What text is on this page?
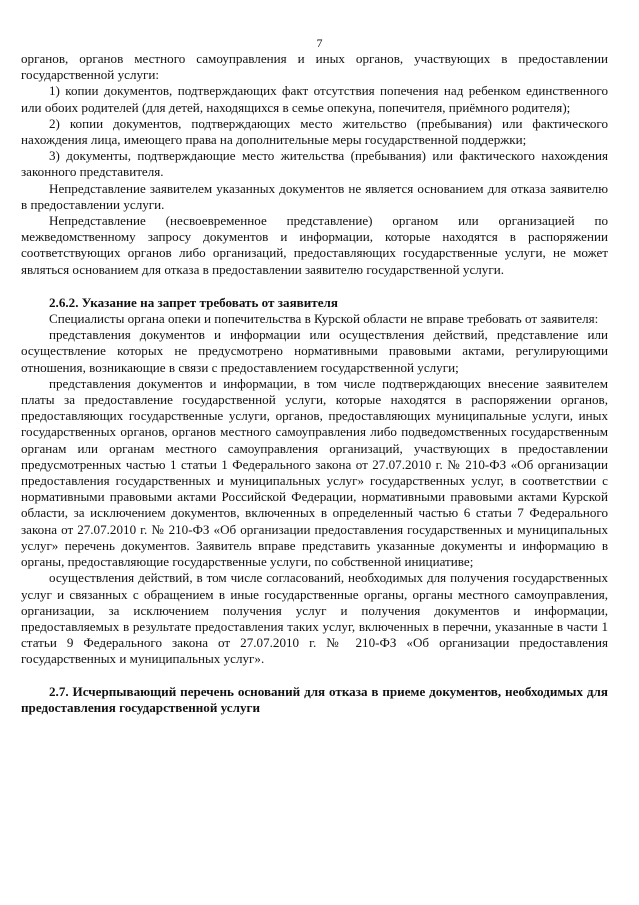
7

органов, органов местного самоуправления и иных органов, участвующих в предоставлении государственной услуги:

1) копии документов, подтверждающих факт отсутствия попечения над ребенком единственного или обоих родителей (для детей, находящихся в семье опекуна, попечителя, приёмного родителя);

2) копии документов, подтверждающих место жительство (пребывания) или фактического нахождения лица, имеющего права на дополнительные меры государственной поддержки;

3) документы, подтверждающие место жительства (пребывания) или фактического нахождения законного представителя.

Непредставление заявителем указанных документов не является основанием для отказа заявителю в предоставлении услуги.

Непредставление (несвоевременное представление) органом или организацией по межведомственному запросу документов и информации, которые находятся в распоряжении соответствующих органов либо организаций, предоставляющих государственные услуги, не может являться основанием для отказа в предоставлении заявителю государственной услуги.

2.6.2. Указание на запрет требовать от заявителя

Специалисты органа опеки и попечительства в Курской области не вправе требовать от заявителя:

представления документов и информации или осуществления действий, представление или осуществление которых не предусмотрено нормативными правовыми актами, регулирующими отношения, возникающие в связи с предоставлением государственной услуги;

представления документов и информации, в том числе подтверждающих внесение заявителем платы за предоставление государственной услуги, которые находятся в распоряжении органов, предоставляющих государственные услуги, органов, предоставляющих муниципальные услуги, иных государственных органов, органов местного самоуправления либо подведомственных государственным органам или органам местного самоуправления организаций, участвующих в предоставлении предусмотренных частью 1 статьи 1 Федерального закона от 27.07.2010 г. № 210-ФЗ «Об организации предоставления государственных и муниципальных услуг» государственных услуг, в соответствии с нормативными правовыми актами Российской Федерации, нормативными правовыми актами Курской области, за исключением документов, включенных в определенный частью 6 статьи 7 Федерального закона от 27.07.2010 г. № 210-ФЗ «Об организации предоставления государственных и муниципальных услуг» перечень документов. Заявитель вправе представить указанные документы и информацию в органы, предоставляющие государственные услуги, по собственной инициативе;

осуществления действий, в том числе согласований, необходимых для получения государственных услуг и связанных с обращением в иные государственные органы, органы местного самоуправления, организации, за исключением получения услуг и получения документов и информации, предоставляемых в результате предоставления таких услуг, включенных в перечни, указанные в части 1 статьи 9 Федерального закона от 27.07.2010 г. № 210-ФЗ «Об организации предоставления государственных и муниципальных услуг».

2.7. Исчерпывающий перечень оснований для отказа в приеме документов, необходимых для предоставления государственной услуги
